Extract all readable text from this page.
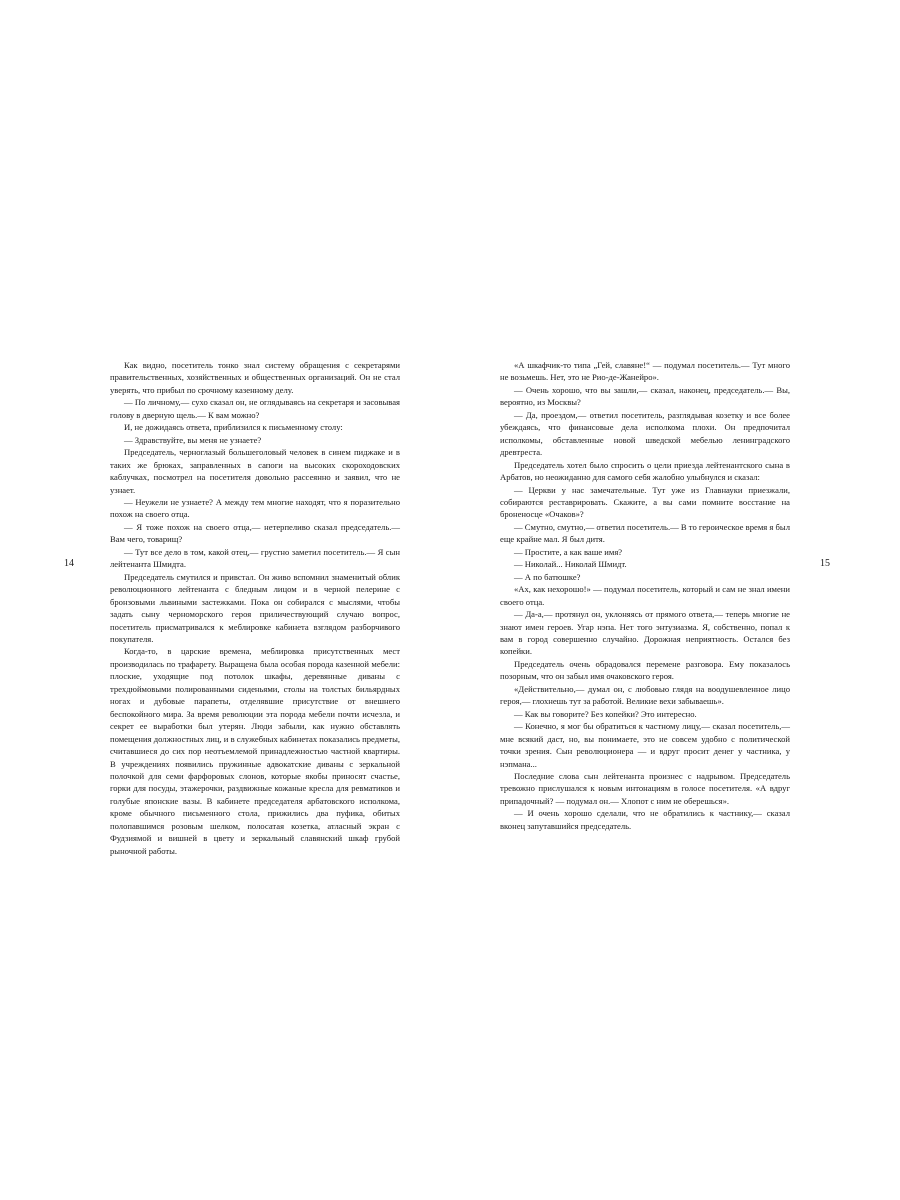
Как видно, посетитель тонко знал систему обращения с секретарями правительственных, хозяйственных и общественных организаций. Он не стал уверять, что прибыл по срочному казенному делу.

— По личному,— сухо сказал он, не оглядываясь на секретаря и засовывая голову в дверную щель.— К вам можно?

И, не дожидаясь ответа, приблизился к письменному столу:

— Здравствуйте, вы меня не узнаете?

Председатель, черноглазый большеголовый человек в синем пиджаке и в таких же брюках, заправленных в сапоги на высоких скороходовских каблучках, посмотрел на посетителя довольно рассеянно и заявил, что не узнает.

— Неужели не узнаете? А между тем многие находят, что я поразительно похож на своего отца.

— Я тоже похож на своего отца,— нетерпеливо сказал председатель.— Вам чего, товарищ?

— Тут все дело в том, какой отец,— грустно заметил посетитель.— Я сын лейтенанта Шмидта.

Председатель смутился и привстал. Он живо вспомнил знаменитый облик революционного лейтенанта с бледным лицом и в черной пелерине с бронзовыми львиными застежками. Пока он собирался с мыслями, чтобы задать сыну черноморского героя приличествующий случаю вопрос, посетитель присматривался к меблировке кабинета взглядом разборчивого покупателя.

Когда-то, в царские времена, меблировка присутственных мест производилась по трафарету. Выращена была особая порода казенной мебели: плоские, уходящие под потолок шкафы, деревянные диваны с трехдюймовыми полированными сиденьями, столы на толстых бильярдных ногах и дубовые парапеты, отделявшие присутствие от внешнего беспокойного мира. За время революции эта порода мебели почти исчезла, и секрет ее выработки был утерян. Люди забыли, как нужно обставлять помещения должностных лиц, и в служебных кабинетах показались предметы, считавшиеся до сих пор неотъемлемой принадлежностью частной квартиры. В учреждениях появились пружинные адвокатские диваны с зеркальной полочкой для семи фарфоровых слонов, которые якобы приносят счастье, горки для посуды, этажерочки, раздвижные кожаные кресла для ревматиков и голубые японские вазы. В кабинете председателя арбатовского исполкома, кроме обычного письменного стола, прижились два пуфика, обитых полопавшимся розовым шелком, полосатая козетка, атласный экран с Фудзиямой и вишней в цвету и зеркальный славянский шкаф грубой рыночной работы.

14	15

«А шкафчик-то типа „Гей, славяне!“ — подумал посетитель.— Тут много не возьмешь. Нет, это не Рио-де-Жанейро».

— Очень хорошо, что вы зашли,— сказал, наконец, председатель.— Вы, вероятно, из Москвы?

— Да, проездом,— ответил посетитель, разглядывая козетку и все более убеждаясь, что финансовые дела исполкома плохи. Он предпочитал исполкомы, обставленные новой шведской мебелью ленинградского древтреста.

Председатель хотел было спросить о цели приезда лейтенантского сына в Арбатов, но неожиданно для самого себя жалобно улыбнулся и сказал:

— Церкви у нас замечательные. Тут уже из Главнауки приезжали, собираются реставрировать. Скажите, а вы сами помните восстание на броненосце «Очаков»?

— Смутно, смутно,— ответил посетитель.— В то героическое время я был еще крайне мал. Я был дитя.

— Простите, а как ваше имя?

— Николай... Николай Шмидт.

— А по батюшке?

«Ах, как нехорошо!» — подумал посетитель, который и сам не знал имени своего отца.

— Да-а,— протянул он, уклоняясь от прямого ответа,— теперь многие не знают имен героев. Угар нэпа. Нет того энтузиазма. Я, собственно, попал к вам в город совершенно случайно. Дорожная неприятность. Остался без копейки.

Председатель очень обрадовался перемене разговора. Ему показалось позорным, что он забыл имя очаковского героя.

«Действительно,— думал он, с любовью глядя на воодушевленное лицо героя,— глохнешь тут за работой. Великие вехи забываешь».

— Как вы говорите? Без копейки? Это интересно.

— Конечно, я мог бы обратиться к частному лицу,— сказал посетитель,— мне всякий даст, но, вы понимаете, это не совсем удобно с политической точки зрения. Сын революционера — и вдруг просит денег у частника, у нэпмана...

Последние слова сын лейтенанта произнес с надрывом. Председатель тревожно прислушался к новым интонациям в голосе посетителя. «А вдруг припадочный? — подумал он.— Хлопот с ним не оберешься».

— И очень хорошо сделали, что не обратились к частнику,— сказал вконец запутавшийся председатель.
